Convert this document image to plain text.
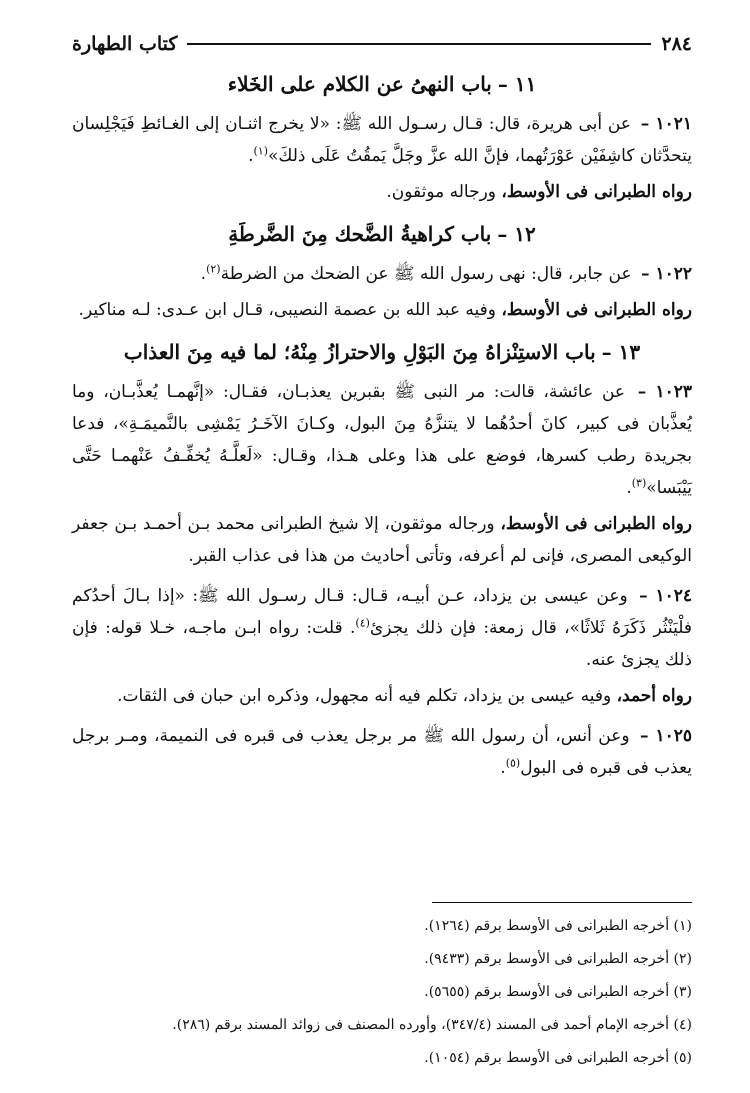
٢٨٤
كتاب الطهارة
١١ –باب النهىُ عن الكلام على الخَلاء

١٠٢١ – عن أبى هريرة، قال: قـال رسـول الله ﷺ: «لا يخرج اثنـان إلى الغـائطِ فَيَجْلِسان يتحدَّثان كاشِفَيْن عَوْرَتُهما، فإنَّ الله عزَّ وجَلَّ يَمقُتُ عَلَى ذلكَ»$^{(١)}$.

رواه الطبرانى فى الأوسط، ورجاله موثقون.

١٢ –باب كراهيةُ الضَّحك مِنَ الضَّرطَةِ

١٠٢٢ – عن جابر، قال: نهى رسول الله ﷺ عن الضحك من الضرطة$^{(٢)}$.

رواه الطبرانى فى الأوسط، وفيه عبد الله بن عصمة النصيبى، قـال ابن عـدى: لـه مناكير.

١٣ –باب الاستِنْزاهُ مِنَ البَوْلِ والاحترازُ مِنْهُ؛ لما فيه مِنَ العذاب

١٠٢٣ – عن عائشة، قالت: مر النبى ﷺ بقبرين يعذبـان، فقـال: «إنَّهمـا يُعذَّبـان، وما يُعذَّبان فى كبير، كانَ أحدُهُما لا يتنزَّهُ مِنَ البول، وكـانَ الآخَـرُ يَمْشِى بالنَّميمَـةِ»، فدعا بجريدة رطب كسرها، فوضع على هذا وعلى هـذا، وقـال: «لَعلَّـهُ يُخفِّـفُ عَنْهمـا حَتَّى يَيْبَسا»$^{(٣)}$.

رواه الطبرانى فى الأوسط، ورجاله موثقون، إلا شيخ الطبرانى محمد بـن أحمـد بـن جعفر الوكيعى المصرى، فإنى لم أعرفه، وتأتى أحاديث من هذا فى عذاب القبر.

١٠٢٤ – وعن عيسى بن يزداد، عـن أبيـه، قـال: قـال رسـول الله ﷺ: «إذا بـالَ أحدُكم فلْيَنْثُر ذَكَرَهُ ثَلاثًا»، قال زمعة: فإن ذلك يجزئ$^{(٤)}$. قلت: رواه ابـن ماجـه، خـلا قوله: فإن ذلك يجزئ عنه.

رواه أحمد، وفيه عيسى بن يزداد، تكلم فيه أنه مجهول، وذكره ابن حبان فى الثقات.

١٠٢٥ – وعن أنس، أن رسول الله ﷺ مر برجل يعذب فى قبره فى النميمة، ومـر برجل يعذب فى قبره فى البول$^{(٥)}$.

(١) أخرجه الطبرانى فى الأوسط برقم (١٢٦٤).
(٢) أخرجه الطبرانى فى الأوسط برقم (٩٤٣٣).
(٣) أخرجه الطبرانى فى الأوسط برقم (٥٦٥٥).
(٤) أخرجه الإمام أحمد فى المسند (٣٤٧/٤)، وأورده المصنف فى زوائد المسند برقم (٢٨٦).
(٥) أخرجه الطبرانى فى الأوسط برقم (١٠٥٤).
